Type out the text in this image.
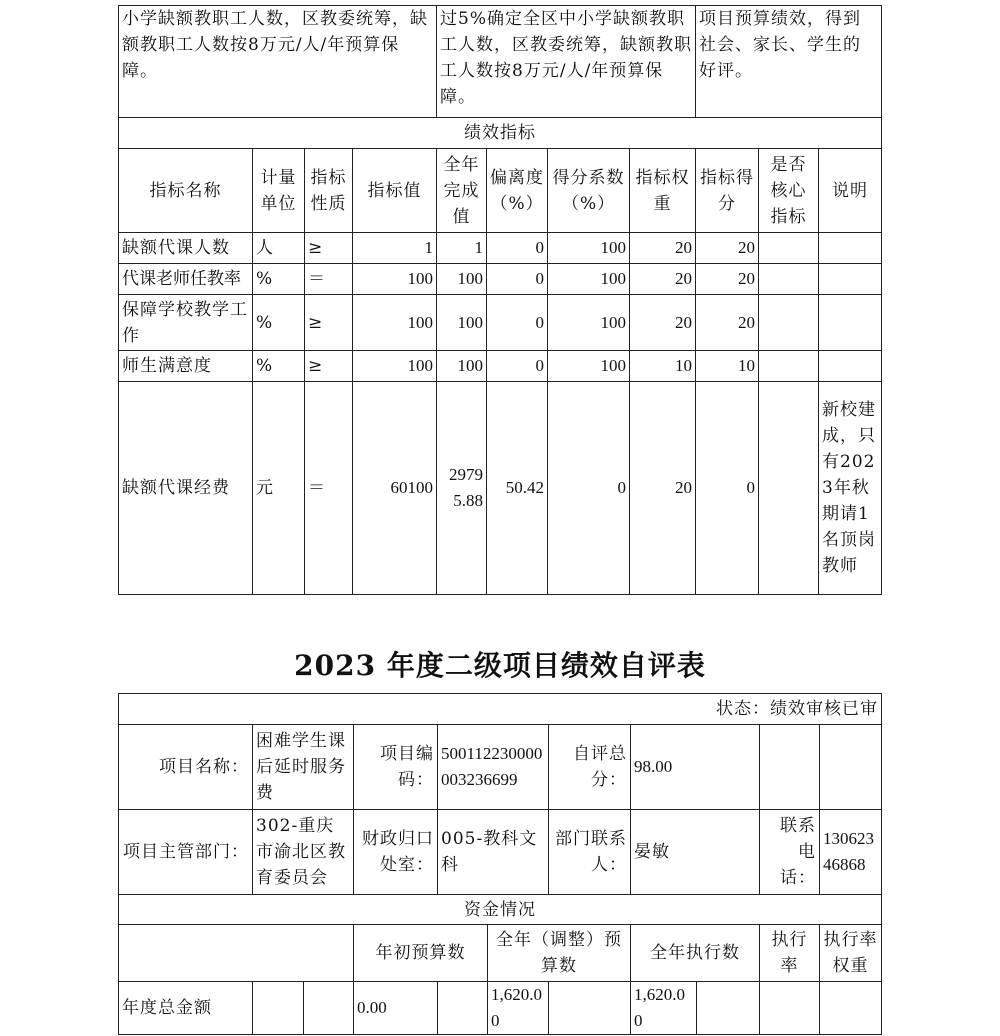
小学缺额教职工人数，区教委统筹，缺额教职工人数按8万元/人/年预算保障。				过5%确定全区中小学缺额教职工人数，区教委统筹，缺额教职工人数按8万元/人/年预算保障。				项目预算绩效，得到社会、家长、学生的好评。		
绩效指标										
指标名称	计量单位	指标性质	指标值	全年完成值	偏离度（%）	得分系数（%）	指标权重	指标得分	是否核心指标	说明
缺额代课人数	人	≥	1	1	0	100	20	20		
代课老师任教率	%	＝	100	100	0	100	20	20		
保障学校教学工作	%	≥	100	100	0	100	20	20		
师生满意度	%	≥	100	100	0	100	10	10		
缺额代课经费	元	＝	60100	29795.88	50.42	0	20	0		新校建成，只有2023年秋期请1名顶岗教师
2023 年度二级项目绩效自评表
状态：绩效审核已审										
项目名称：	困难学生课后延时服务费		项目编码：	500112230000003236699		自评总分：	98.00			
项目主管部门：	302-重庆市渝北区教育委员会		财政归口处室：	005-教科文科		部门联系人：	晏敏		联系电话：	13062346868
资金情况										
			年初预算数		全年（调整）预算数		全年执行数		执行率	执行率权重
年度总金额			0.00		1,620.00		1,620.00			
